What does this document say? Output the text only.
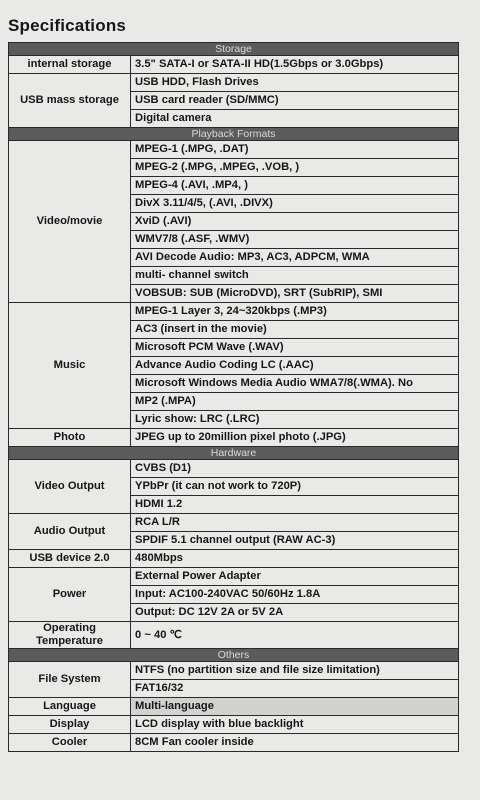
Specifications
Storage	
internal storage	3.5" SATA-I or SATA-II HD(1.5Gbps or 3.0Gbps)
USB mass storage	USB HDD, Flash Drives
	USB card reader (SD/MMC)
	Digital camera
Playback Formats	
Video/movie	MPEG-1 (.MPG, .DAT)
	MPEG-2 (.MPG, .MPEG, .VOB, )
	MPEG-4 (.AVI, .MP4, )
	DivX 3.11/4/5, (.AVI, .DIVX)
	XviD (.AVI)
	WMV7/8 (.ASF, .WMV)
	AVI Decode Audio: MP3, AC3, ADPCM, WMA
	multi- channel switch
	VOBSUB: SUB (MicroDVD), SRT (SubRIP), SMI
Music	MPEG-1 Layer 3, 24~320kbps (.MP3)
	AC3 (insert in the movie)
	Microsoft PCM Wave (.WAV)
	Advance Audio Coding LC (.AAC)
	Microsoft Windows Media Audio WMA7/8(.WMA). No
	MP2 (.MPA)
	Lyric show: LRC (.LRC)
Photo	JPEG up to 20million pixel photo (.JPG)
Hardware	
Video Output	CVBS (D1)
	YPbPr (it can not work to 720P)
	HDMI 1.2
Audio Output	RCA L/R
	SPDIF 5.1 channel output (RAW AC-3)
USB device 2.0	480Mbps
Power	External Power Adapter
	Input: AC100-240VAC 50/60Hz 1.8A
	Output: DC 12V 2A or 5V 2A
Operating
Temperature	0 ~ 40 ℃
Others	
File System	NTFS (no partition size and file size limitation)
	FAT16/32
Language	Multi-language
Display	LCD display with blue backlight
Cooler	8CM Fan cooler inside
